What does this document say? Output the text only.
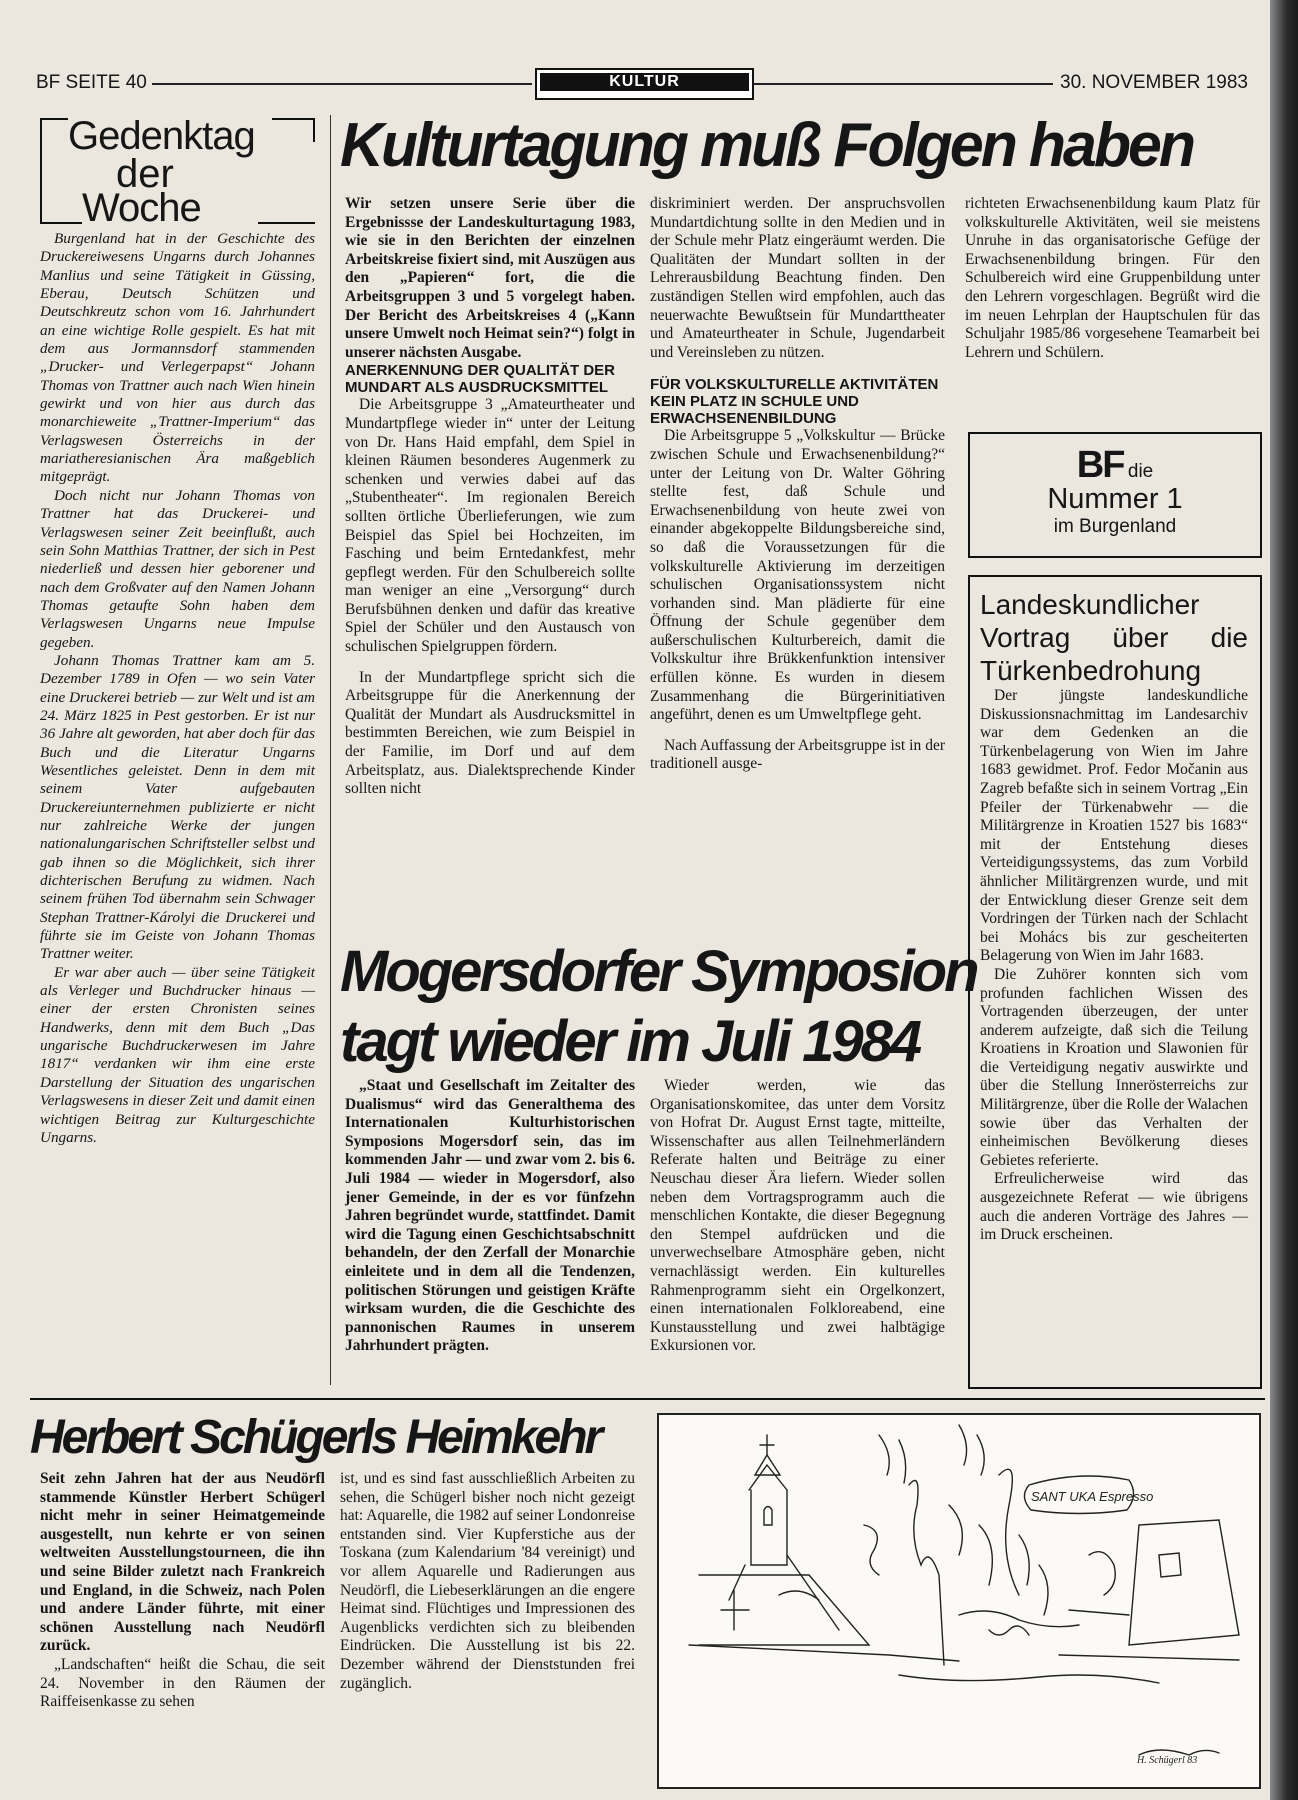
BF SEITE 40	KULTUR	30. NOVEMBER 1983
Gedenktag
der
Woche

Burgenland hat in der Geschichte des Druckereiwesens Ungarns durch Johannes Manlius und seine Tätigkeit in Güssing, Eberau, Deutsch Schützen und Deutschkreutz schon vom 16. Jahrhundert an eine wichtige Rolle gespielt. Es hat mit dem aus Jormannsdorf stammenden „Drucker- und Verlegerpapst“ Johann Thomas von Trattner auch nach Wien hinein gewirkt und von hier aus durch das monarchieweite „Trattner-Imperium“ das Verlagswesen Österreichs in der mariatheresianischen Ära maßgeblich mitgeprägt.

Doch nicht nur Johann Thomas von Trattner hat das Druckerei- und Verlagswesen seiner Zeit beeinflußt, auch sein Sohn Matthias Trattner, der sich in Pest niederließ und dessen hier geborener und nach dem Großvater auf den Namen Johann Thomas getaufte Sohn haben dem Verlagswesen Ungarns neue Impulse gegeben.

Johann Thomas Trattner kam am 5. Dezember 1789 in Ofen — wo sein Vater eine Druckerei betrieb — zur Welt und ist am 24. März 1825 in Pest gestorben. Er ist nur 36 Jahre alt geworden, hat aber doch für das Buch und die Literatur Ungarns Wesentliches geleistet. Denn in dem mit seinem Vater aufgebauten Druckereiunternehmen publizierte er nicht nur zahlreiche Werke der jungen nationalungarischen Schriftsteller selbst und gab ihnen so die Möglichkeit, sich ihrer dichterischen Berufung zu widmen. Nach seinem frühen Tod übernahm sein Schwager Stephan Trattner-Károlyi die Druckerei und führte sie im Geiste von Johann Thomas Trattner weiter.

Er war aber auch — über seine Tätigkeit als Verleger und Buchdrucker hinaus — einer der ersten Chronisten seines Handwerks, denn mit dem Buch „Das ungarische Buchdruckerwesen im Jahre 1817“ verdanken wir ihm eine erste Darstellung der Situation des ungarischen Verlagswesens in dieser Zeit und damit einen wichtigen Beitrag zur Kulturgeschichte Ungarns.

Kulturtagung muß Folgen haben

Wir setzen unsere Serie über die Ergebnissse der Landeskulturtagung 1983, wie sie in den Berichten der einzelnen Arbeitskreise fixiert sind, mit Auszügen aus den „Papieren“ fort, die die Arbeitsgruppen 3 und 5 vorgelegt haben. Der Bericht des Arbeitskreises 4 („Kann unsere Umwelt noch Heimat sein?“) folgt in unserer nächsten Ausgabe.

ANERKENNUNG DER QUALITÄT DER MUNDART ALS AUSDRUCKSMITTEL

Die Arbeitsgruppe 3 „Amateurtheater und Mundartpflege wieder in“ unter der Leitung von Dr. Hans Haid empfahl, dem Spiel in kleinen Räumen besonderes Augenmerk zu schenken und verwies dabei auf das „Stubentheater“. Im regionalen Bereich sollten örtliche Überlieferungen, wie zum Beispiel das Spiel bei Hochzeiten, im Fasching und beim Erntedankfest, mehr gepflegt werden. Für den Schulbereich sollte man weniger an eine „Versorgung“ durch Berufsbühnen denken und dafür das kreative Spiel der Schüler und den Austausch von schulischen Spielgruppen fördern.

In der Mundartpflege spricht sich die Arbeitsgruppe für die Anerkennung der Qualität der Mundart als Ausdrucksmittel in bestimmten Bereichen, wie zum Beispiel in der Familie, im Dorf und auf dem Arbeitsplatz, aus. Dialektsprechende Kinder sollten nicht

diskriminiert werden. Der anspruchsvollen Mundartdichtung sollte in den Medien und in der Schule mehr Platz eingeräumt werden. Die Qualitäten der Mundart sollten in der Lehrerausbildung Beachtung finden. Den zuständigen Stellen wird empfohlen, auch das neuerwachte Bewußtsein für Mundarttheater und Amateurtheater in Schule, Jugendarbeit und Vereinsleben zu nützen.

FÜR VOLKSKULTURELLE AKTIVITÄTEN KEIN PLATZ IN SCHULE UND ERWACHSENENBILDUNG

Die Arbeitsgruppe 5 „Volkskultur — Brücke zwischen Schule und Erwachsenenbildung?“ unter der Leitung von Dr. Walter Göhring stellte fest, daß Schule und Erwachsenenbildung von heute zwei von einander abgekoppelte Bildungsbereiche sind, so daß die Voraussetzungen für die volkskulturelle Aktivierung im derzeitigen schulischen Organisationssystem nicht vorhanden sind. Man plädierte für eine Öffnung der Schule gegenüber dem außerschulischen Kulturbereich, damit die Volkskultur ihre Brükkenfunktion intensiver erfüllen könne. Es wurden in diesem Zusammenhang die Bürgerinitiativen angeführt, denen es um Umweltpflege geht.

Nach Auffassung der Arbeitsgruppe ist in der traditionell ausge-

richteten Erwachsenenbildung kaum Platz für volkskulturelle Aktivitäten, weil sie meistens Unruhe in das organisatorische Gefüge der Erwachsenenbildung bringen. Für den Schulbereich wird eine Gruppenbildung unter den Lehrern vorgeschlagen. Begrüßt wird die im neuen Lehrplan der Hauptschulen für das Schuljahr 1985/86 vorgesehene Teamarbeit bei Lehrern und Schülern.

BF die
Nummer 1
im Burgenland

Landeskundlicher Vortrag über die Türkenbedrohung

Der jüngste landeskundliche Diskussionsnachmittag im Landesarchiv war dem Gedenken an die Türkenbelagerung von Wien im Jahre 1683 gewidmet. Prof. Fedor Močanin aus Zagreb befaßte sich in seinem Vortrag „Ein Pfeiler der Türkenabwehr — die Militärgrenze in Kroatien 1527 bis 1683“ mit der Entstehung dieses Verteidigungssystems, das zum Vorbild ähnlicher Militärgrenzen wurde, und mit der Entwicklung dieser Grenze seit dem Vordringen der Türken nach der Schlacht bei Mohács bis zur gescheiterten Belagerung von Wien im Jahr 1683.

Die Zuhörer konnten sich vom profunden fachlichen Wissen des Vortragenden überzeugen, der unter anderem aufzeigte, daß sich die Teilung Kroatiens in Kroation und Slawonien für die Verteidigung negativ auswirkte und über die Stellung Innerösterreichs zur Militärgrenze, über die Rolle der Walachen sowie über das Verhalten der einheimischen Bevölkerung dieses Gebietes referierte.

Erfreulicherweise wird das ausgezeichnete Referat — wie übrigens auch die anderen Vorträge des Jahres — im Druck erscheinen.

Mogersdorfer Symposion
tagt wieder im Juli 1984

„Staat und Gesellschaft im Zeitalter des Dualismus“ wird das Generalthema des Internationalen Kulturhistorischen Symposions Mogersdorf sein, das im kommenden Jahr — und zwar vom 2. bis 6. Juli 1984 — wieder in Mogersdorf, also jener Gemeinde, in der es vor fünfzehn Jahren begründet wurde, stattfindet. Damit wird die Tagung einen Geschichtsabschnitt behandeln, der den Zerfall der Monarchie einleitete und in dem all die Tendenzen, politischen Störungen und geistigen Kräfte wirksam wurden, die die Geschichte des pannonischen Raumes in unserem Jahrhundert prägten.

Wieder werden, wie das Organisationskomitee, das unter dem Vorsitz von Hofrat Dr. August Ernst tagte, mitteilte, Wissenschafter aus allen Teilnehmerländern Referate halten und Beiträge zu einer Neuschau dieser Ära liefern. Wieder sollen neben dem Vortragsprogramm auch die menschlichen Kontakte, die dieser Begegnung den Stempel aufdrücken und die unverwechselbare Atmosphäre geben, nicht vernachlässigt werden. Ein kulturelles Rahmenprogramm sieht ein Orgelkonzert, einen internationalen Folkloreabend, eine Kunstausstellung und zwei halbtägige Exkursionen vor.

Herbert Schügerls Heimkehr

Seit zehn Jahren hat der aus Neudörfl stammende Künstler Herbert Schügerl nicht mehr in seiner Heimatgemeinde ausgestellt, nun kehrte er von seinen weltweiten Ausstellungstourneen, die ihn und seine Bilder zuletzt nach Frankreich und England, in die Schweiz, nach Polen und andere Länder führte, mit einer schönen Ausstellung nach Neudörfl zurück.

„Landschaften“ heißt die Schau, die seit 24. November in den Räumen der Raiffeisenkasse zu sehen

ist, und es sind fast ausschließlich Arbeiten zu sehen, die Schügerl bisher noch nicht gezeigt hat: Aquarelle, die 1982 auf seiner Londonreise entstanden sind. Vier Kupferstiche aus der Toskana (zum Kalendarium '84 vereinigt) und vor allem Aquarelle und Radierungen aus Neudörfl, die Liebeserklärungen an die engere Heimat sind. Flüchtiges und Impressionen des Augenblicks verdichten sich zu bleibenden Eindrücken. Die Ausstellung ist bis 22. Dezember während der Dienststunden frei zugänglich.

SANT UKA Espresso
H. Schügerl 83
